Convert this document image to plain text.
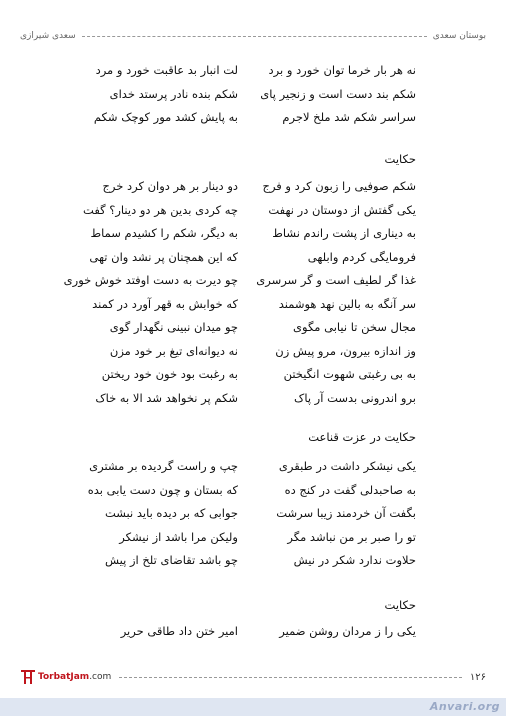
بوستان سعدی
سعدی شیرازی
نه هر بار خرما توان خورد و برد
لت انبار بد عاقبت خورد و مرد
شکم بند دست است و زنجیر پای
شکم بنده نادر پرستد خدای
سراسر شکم شد ملخ لاجرم
به پایش کشد مور کوچک شکم
حکایت
شکم صوفیی را زبون کرد و فرج
دو دینار بر هر دوان کرد خرج
یکی گفتش از دوستان در نهفت
چه کردی بدین هر دو دینار؟ گفت
به دیناری از پشت راندم نشاط
به دیگر، شکم را کشیدم سماط
فرومایگی کردم وابلهی
که این همچنان پر نشد وان تهی
غذا گر لطیف است و گر سرسری
چو دیرت به دست اوفتد خوش خوری
سر آنگه به بالین نهد هوشمند
که خوابش به قهر آورد در کمند
مجال سخن تا نیابی مگوی
چو میدان نبینی نگهدار گوی
وز اندازه بیرون، مرو پیش زن
نه دیوانه‌ای تیغ بر خود مزن
به بی رغبتی شهوت انگیختن
به رغبت بود خون خود ریختن
برو اندرونی بدست آر پاک
شکم پر نخواهد شد الا به خاک
حکایت در عزت قناعت
یکی نیشکر داشت در طبقری
چپ و راست گردیده بر مشتری
به صاحبدلی گفت در کنج ده
که بستان و چون دست یابی بده
بگفت آن خردمند زیبا سرشت
جوابی که بر دیده باید نبشت
تو را صبر بر من نباشد مگر
ولیکن مرا باشد از نیشکر
حلاوت ندارد شکر در نیش
چو باشد تقاضای تلخ از پیش
حکایت
یکی را ز مردان روشن ضمیر
امیر ختن داد طاقی حریر
TorbatJam .com	۱۲۶
Anvari.org
